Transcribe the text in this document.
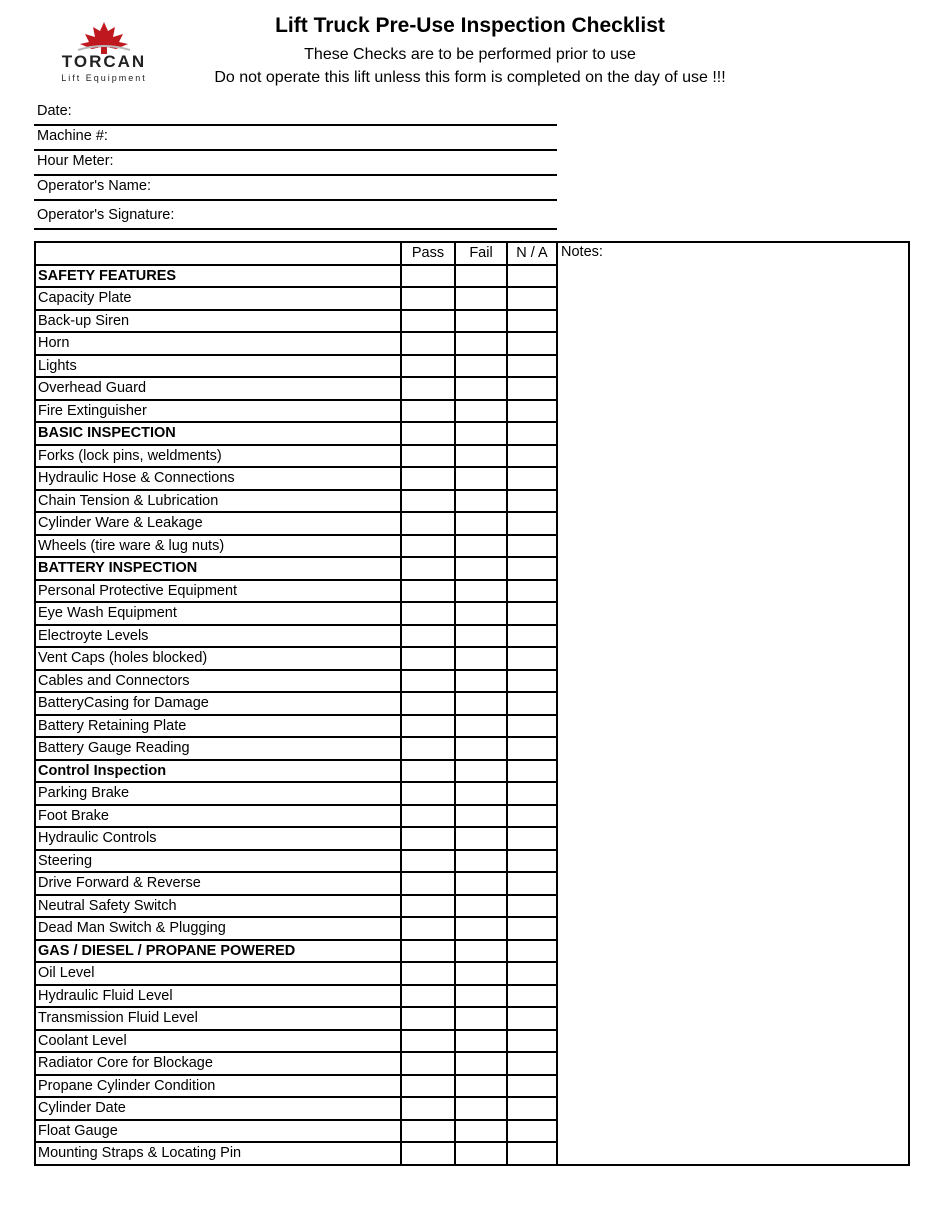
TORCAN
Lift Equipment
Lift Truck Pre-Use Inspection Checklist
These Checks are to be performed prior to use
Do not operate this lift unless this form is completed on the day of use !!!
Date:
Machine #:
Hour Meter:
Operator's Name:
Operator's Signature:
Pass	Fail	N / A Notes:
SAFETY FEATURES
Capacity Plate
Back-up Siren
Horn
Lights
Overhead Guard
Fire Extinguisher
BASIC INSPECTION
Forks (lock pins, weldments)
Hydraulic Hose & Connections
Chain Tension & Lubrication
Cylinder Ware & Leakage
Wheels (tire ware & lug nuts)
BATTERY INSPECTION
Personal Protective Equipment
Eye Wash Equipment
Electroyte Levels
Vent Caps (holes blocked)
Cables and Connectors
BatteryCasing for Damage
Battery Retaining Plate
Battery Gauge Reading
Control Inspection
Parking Brake
Foot Brake
Hydraulic Controls
Steering
Drive Forward & Reverse
Neutral Safety Switch
Dead Man Switch & Plugging
GAS / DIESEL / PROPANE POWERED
Oil Level
Hydraulic Fluid Level
Transmission Fluid Level
Coolant Level
Radiator Core for Blockage
Propane Cylinder Condition
Cylinder Date
Float Gauge
Mounting Straps & Locating Pin
